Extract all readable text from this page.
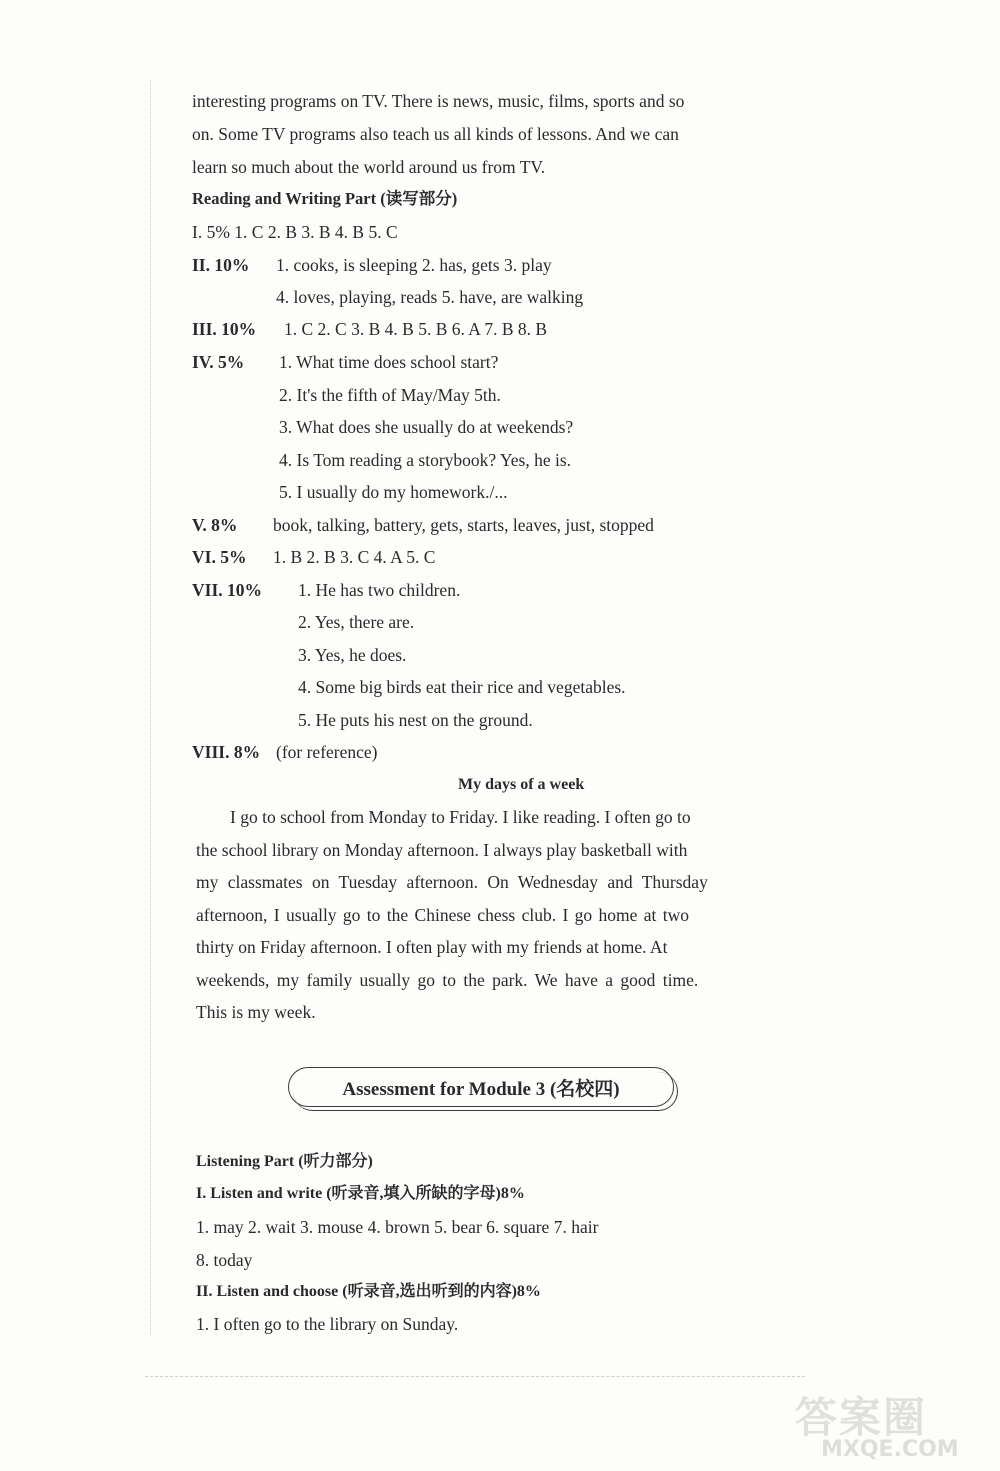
interesting programs on TV. There is news, music, films, sports and so
on. Some TV programs also teach us all kinds of lessons. And we can
learn so much about the world around us from TV.
Reading and Writing Part (读写部分)
I. 5% 1. C 2. B 3. B 4. B 5. C
II. 10% 1. cooks, is sleeping 2. has, gets 3. play
4. loves, playing, reads 5. have, are walking
III. 10% 1. C 2. C 3. B 4. B 5. B 6. A 7. B 8. B
IV. 5% 1. What time does school start?
2. It's the fifth of May/May 5th.
3. What does she usually do at weekends?
4. Is Tom reading a storybook? Yes, he is.
5. I usually do my homework./...
V. 8% book, talking, battery, gets, starts, leaves, just, stopped
VI. 5% 1. B 2. B 3. C 4. A 5. C
VII. 10% 1. He has two children.
2. Yes, there are.
3. Yes, he does.
4. Some big birds eat their rice and vegetables.
5. He puts his nest on the ground.
VIII. 8% (for reference)
My days of a week
I go to school from Monday to Friday. I like reading. I often go to
the school library on Monday afternoon. I always play basketball with
my classmates on Tuesday afternoon. On Wednesday and Thursday
afternoon, I usually go to the Chinese chess club. I go home at two
thirty on Friday afternoon. I often play with my friends at home. At
weekends, my family usually go to the park. We have a good time.
This is my week.
Assessment for Module 3 (名校四)
Listening Part (听力部分)
I. Listen and write (听录音,填入所缺的字母)8%
1. may 2. wait 3. mouse 4. brown 5. bear 6. square 7. hair
8. today
II. Listen and choose (听录音,选出听到的内容)8%
1. I often go to the library on Sunday.
答案圈
MXQE.COM
